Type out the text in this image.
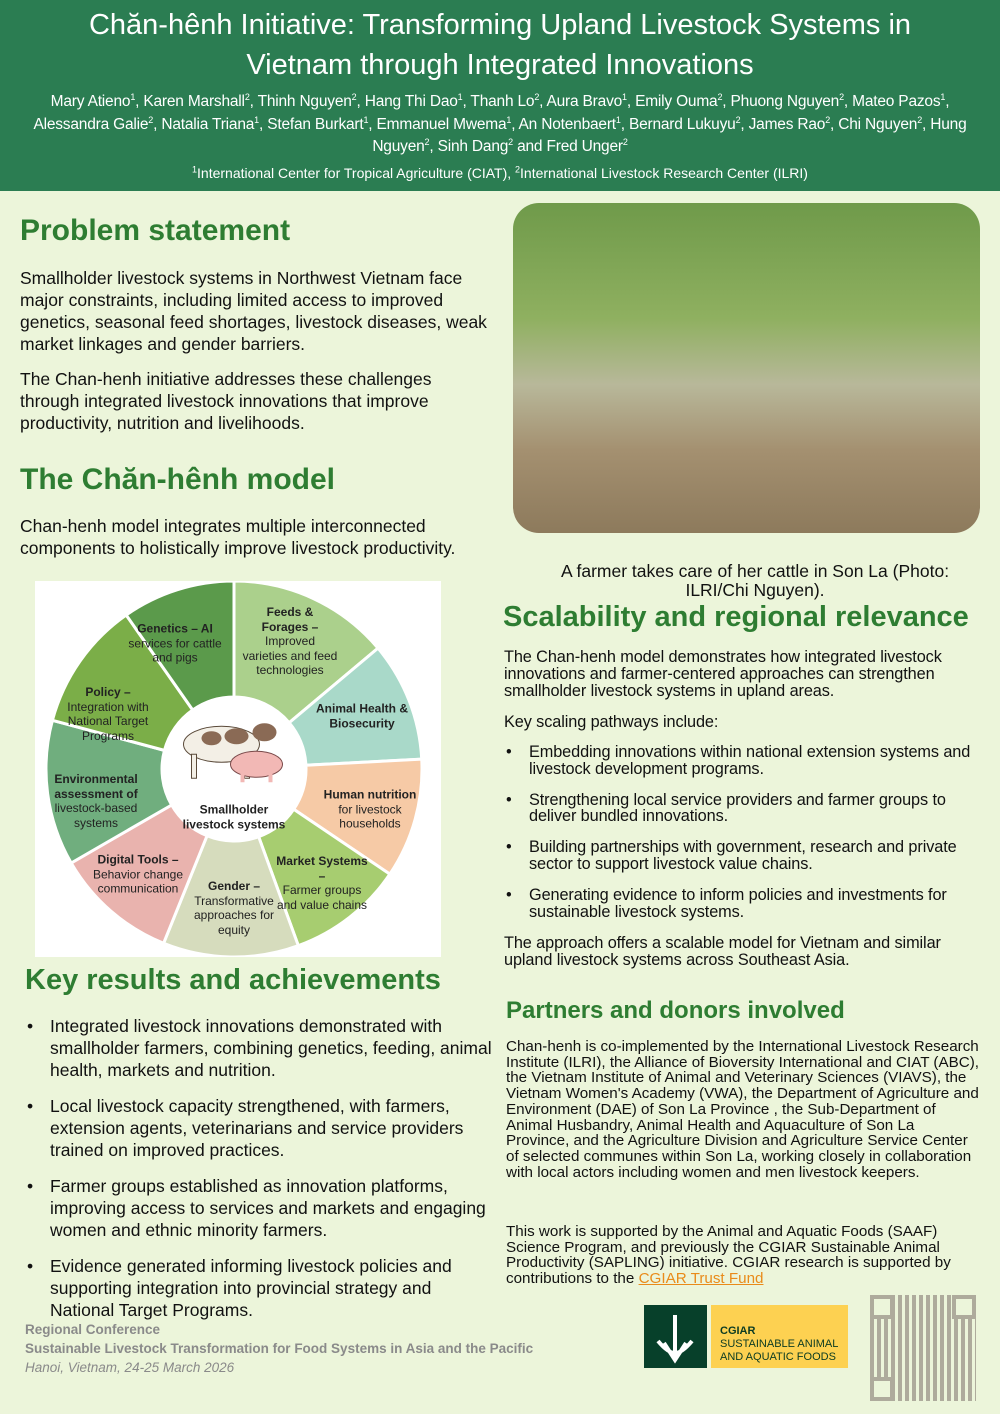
Chăn-hênh Initiative: Transforming Upland Livestock Systems in Vietnam through Integrated Innovations
Mary Atieno$^1$, Karen Marshall$^2$, Thinh Nguyen$^2$, Hang Thi Dao$^1$, Thanh Lo$^2$, Aura Bravo$^1$, Emily Ouma$^2$, Phuong Nguyen$^2$, Mateo Pazos$^1$, Alessandra Galie$^2$, Natalia Triana$^1$, Stefan Burkart$^1$, Emmanuel Mwema$^1$, An Notenbaert$^1$, Bernard Lukuyu$^2$, James Rao$^2$, Chi Nguyen$^2$, Hung Nguyen$^2$, Sinh Dang$^2$ and Fred Unger$^2$
$^1$International Center for Tropical Agriculture (CIAT), $^2$International Livestock Research Center (ILRI)
Problem statement

Smallholder livestock systems in Northwest Vietnam face major constraints, including limited access to improved genetics, seasonal feed shortages, livestock diseases, weak market linkages and gender barriers.

The Chan-henh initiative addresses these challenges through integrated livestock innovations that improve productivity, nutrition and livelihoods.

The Chăn-hênh model

Chan-henh model integrates multiple interconnected components to holistically improve livestock productivity.

Smallholder livestock systems
Feeds & Forages –
Improved varieties and feed technologies
Animal Health & Biosecurity
Human nutrition
for livestock households
Market Systems –
Farmer groups and value chains
Gender –
Transformative approaches for equity
Digital Tools –
Behavior change communication
Environmental assessment of
livestock-based systems
Policy –
Integration with National Target Programs
Genetics – AI
services for cattle and pigs

A farmer takes care of her cattle in Son La (Photo: ILRI/Chi Nguyen).

Scalability and regional relevance

The Chan-henh model demonstrates how integrated livestock innovations and farmer-centered approaches can strengthen smallholder livestock systems in upland areas.

Key scaling pathways include:

• Embedding innovations within national extension systems and livestock development programs.
• Strengthening local service providers and farmer groups to deliver bundled innovations.
• Building partnerships with government, research and private sector to support livestock value chains.
• Generating evidence to inform policies and investments for sustainable livestock systems.

The approach offers a scalable model for Vietnam and similar upland livestock systems across Southeast Asia.

Key results and achievements
• Integrated livestock innovations demonstrated with smallholder farmers, combining genetics, feeding, animal health, markets and nutrition.
• Local livestock capacity strengthened, with farmers, extension agents, veterinarians and service providers trained on improved practices.
• Farmer groups established as innovation platforms, improving access to services and markets and engaging women and ethnic minority farmers.
• Evidence generated informing livestock policies and supporting integration into provincial strategy and National Target Programs.
Partners and donors involved

Chan-henh is co-implemented by the International Livestock Research Institute (ILRI), the Alliance of Bioversity International and CIAT (ABC), the Vietnam Institute of Animal and Veterinary Sciences (VIAVS), the Vietnam Women's Academy (VWA), the Department of Agriculture and Environment (DAE) of Son La Province , the Sub-Department of Animal Husbandry, Animal Health and Aquaculture of Son La Province, and the Agriculture Division and Agriculture Service Center of selected communes within Son La, working closely in collaboration with local actors including women and men livestock keepers.

This work is supported by the Animal and Aquatic Foods (SAAF) Science Program, and previously the CGIAR Sustainable Animal Productivity (SAPLING) initiative. CGIAR research is supported by contributions to the CGIAR Trust Fund

Regional Conference
Sustainable Livestock Transformation for Food Systems in Asia and the Pacific
Hanoi, Vietnam, 24-25 March 2026
CGIAR
SUSTAINABLE ANIMAL
AND AQUATIC FOODS
